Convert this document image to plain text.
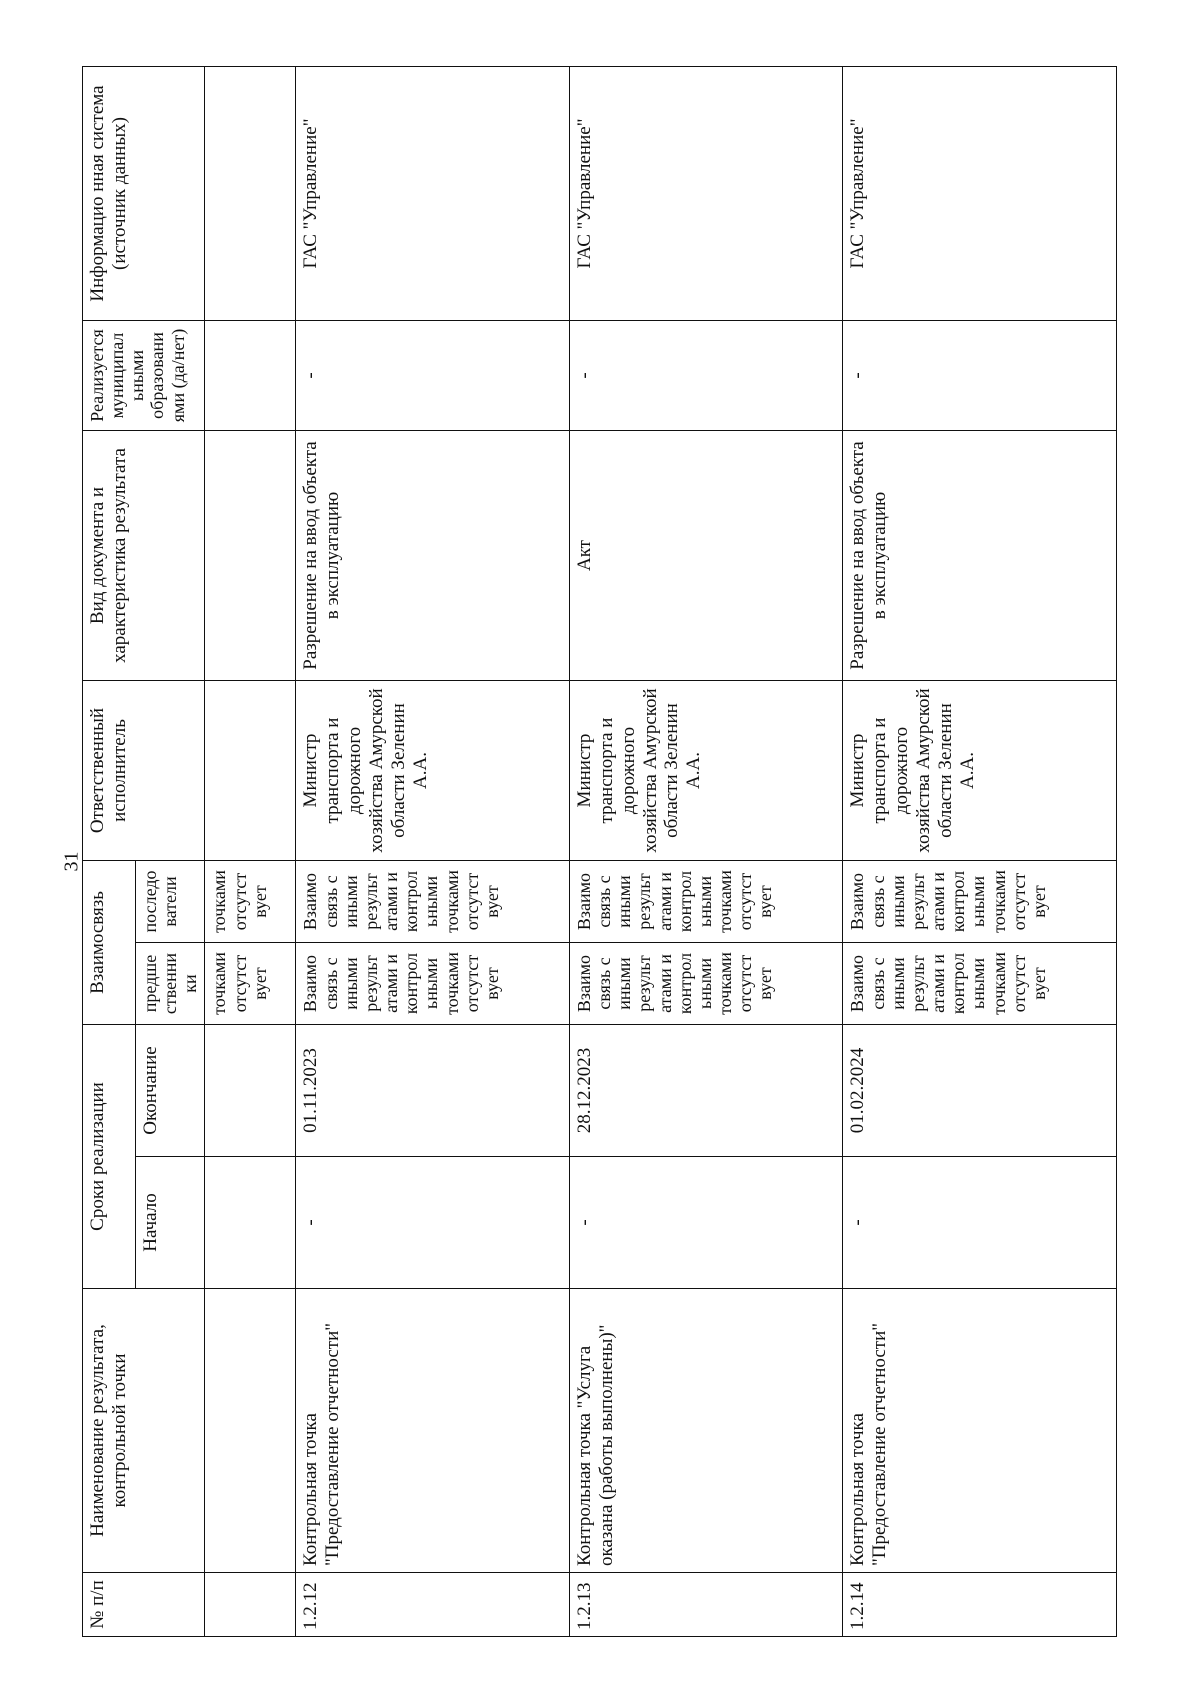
31
№ п/п	Наименование результата, контрольной точки	Сроки реализации		Взаимосвязь		Ответственный исполнитель	Вид документа и характеристика результата	Реализуется муниципал ьными образовани ями (да/нет)	Информацио нная система (источник данных)
		Начало	Окончание	предше ственни ки	последо ватели				
				точками отсутст вует	точками отсутст вует				
1.2.12	Контрольная точка "Предоставление отчетности"	-	01.11.2023	Взаимо связь с иными результ атами и контрол ьными точками отсутст вует	Взаимо связь с иными результ атами и контрол ьными точками отсутст вует	Министр транспорта и дорожного хозяйства Амурской области Зеленин А.А.	Разрешение на ввод объекта в эксплуатацию	-	ГАС "Управление"
1.2.13	Контрольная точка "Услуга оказана (работы выполнены)"	-	28.12.2023	Взаимо связь с иными результ атами и контрол ьными точками отсутст вует	Взаимо связь с иными результ атами и контрол ьными точками отсутст вует	Министр транспорта и дорожного хозяйства Амурской области Зеленин А.А.	Акт	-	ГАС "Управление"
1.2.14	Контрольная точка "Предоставление отчетности"	-	01.02.2024	Взаимо связь с иными результ атами и контрол ьными точками отсутст вует	Взаимо связь с иными результ атами и контрол ьными точками отсутст вует	Министр транспорта и дорожного хозяйства Амурской области Зеленин А.А.	Разрешение на ввод объекта в эксплуатацию	-	ГАС "Управление"
